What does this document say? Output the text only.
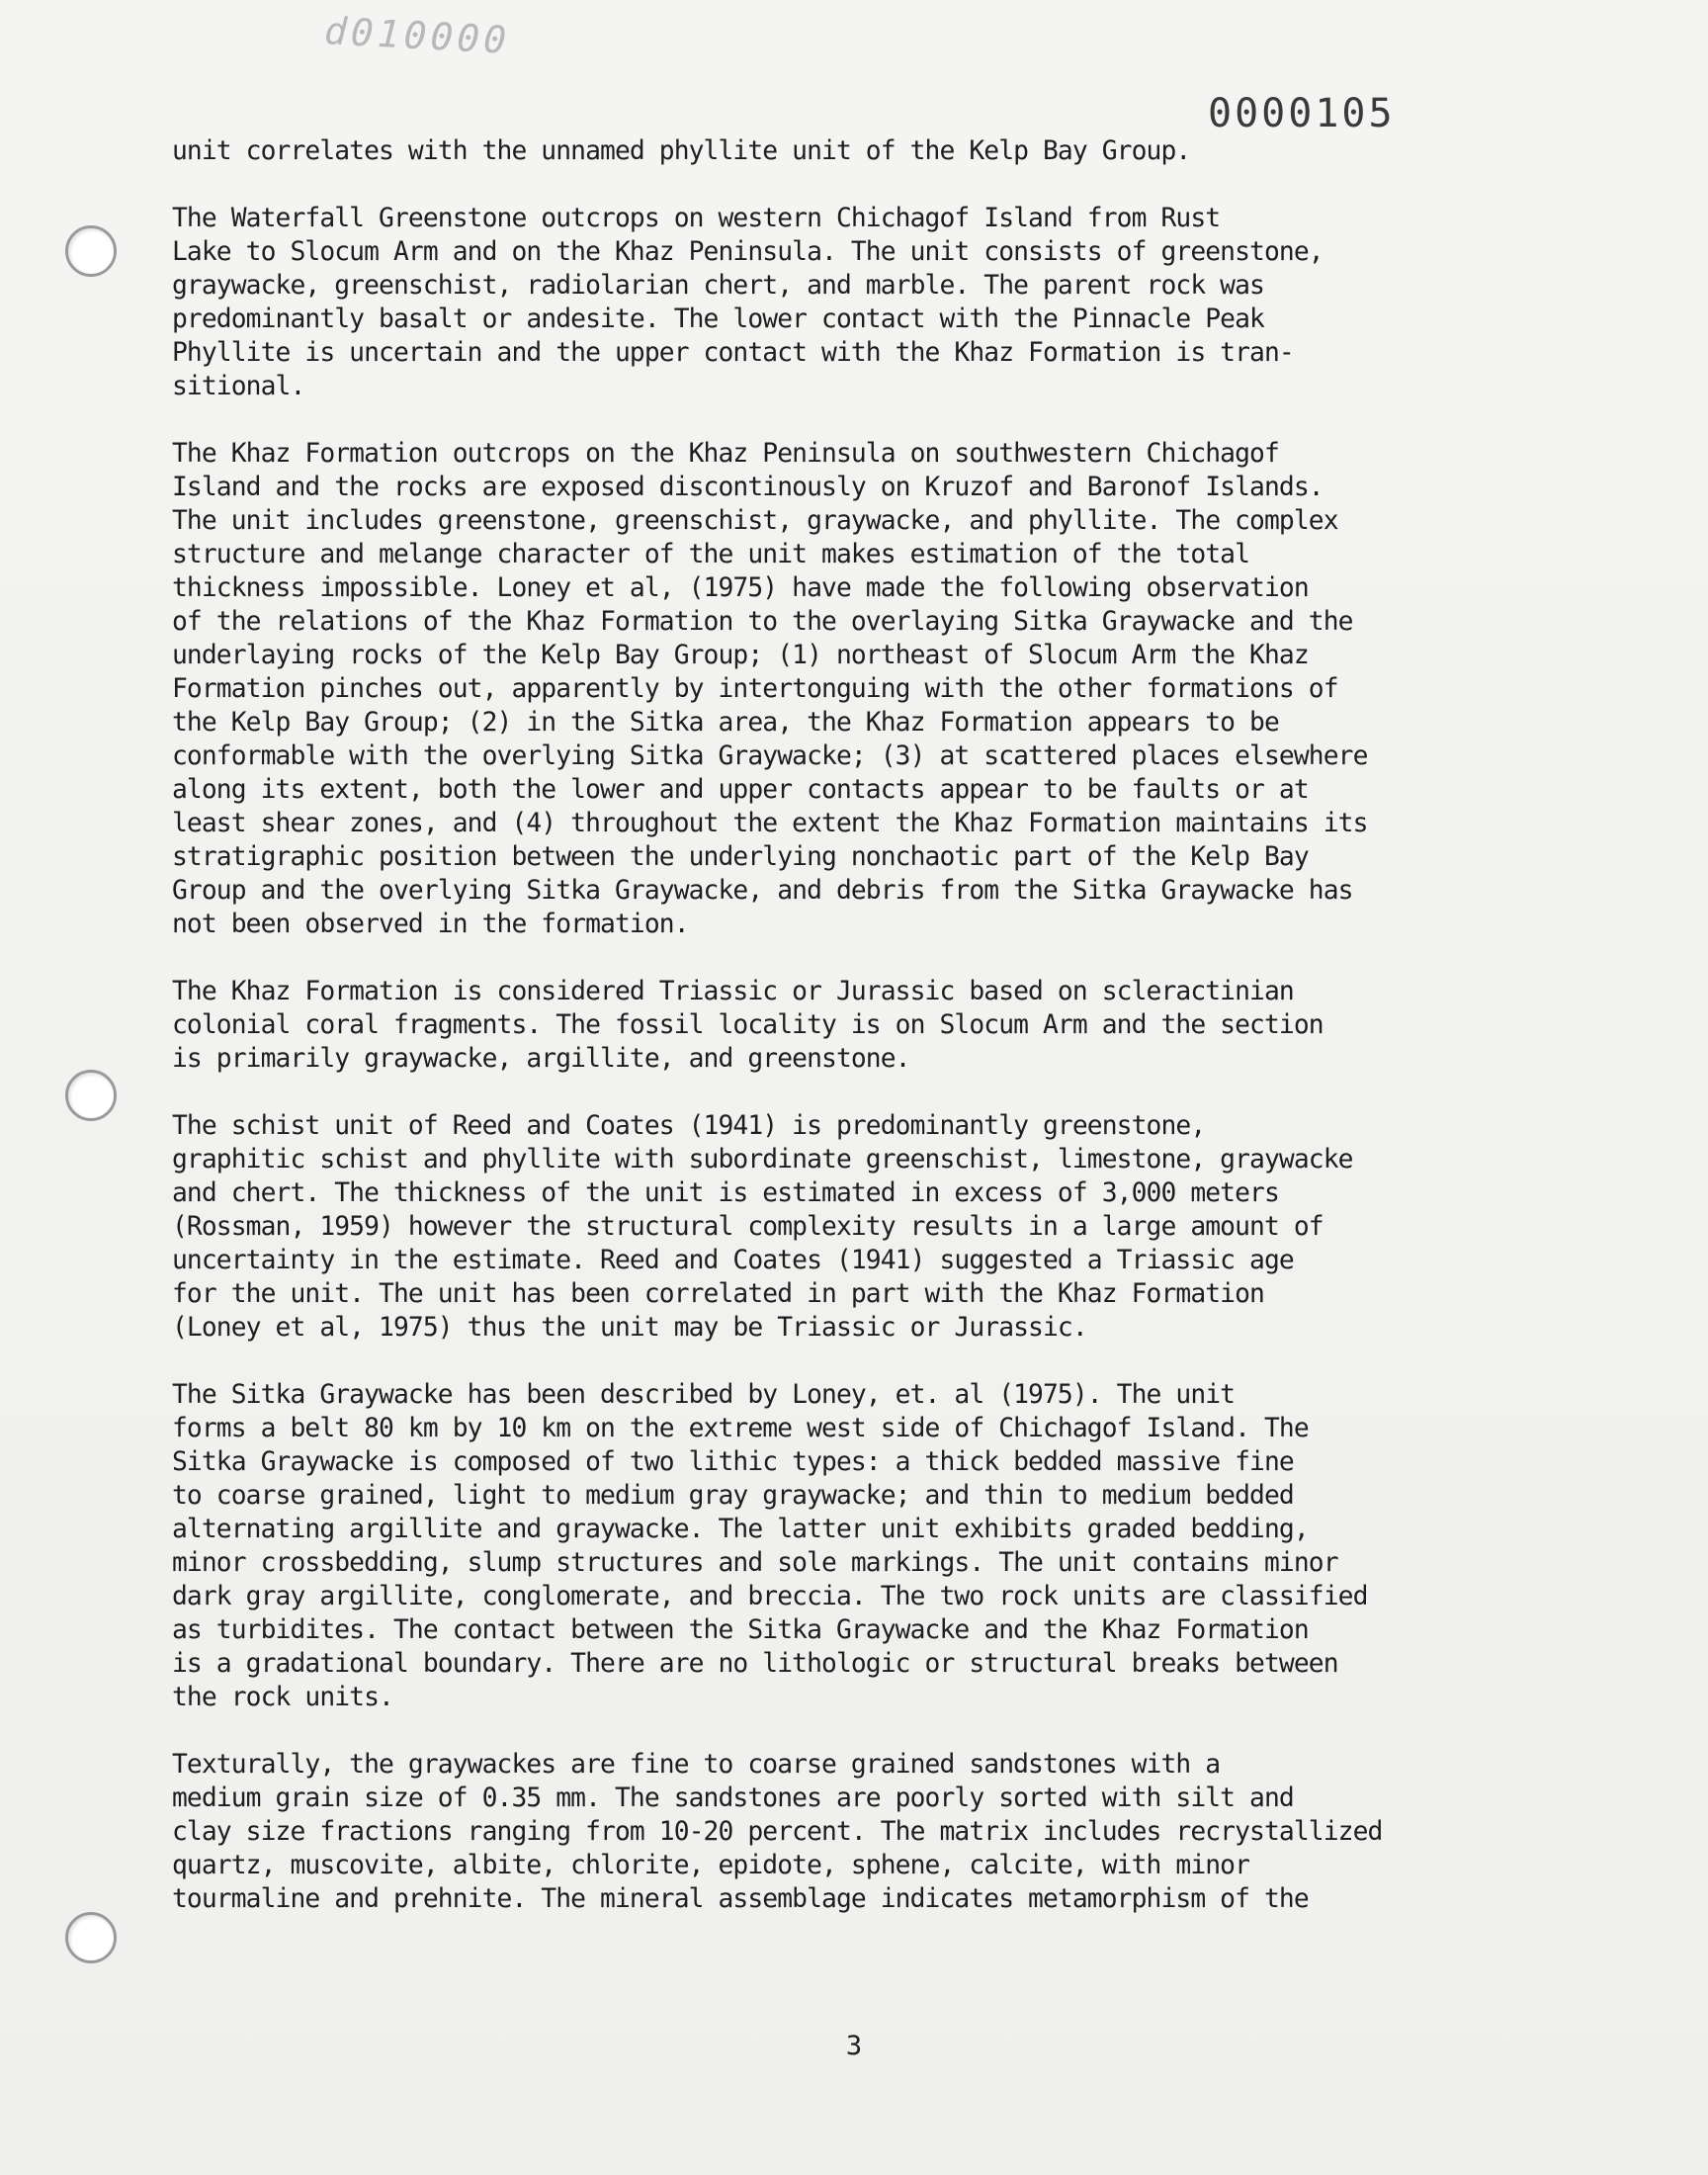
d010000

0000105

unit correlates with the unnamed phyllite unit of the Kelp Bay Group.

The Waterfall Greenstone outcrops on western Chichagof Island from Rust
Lake to Slocum Arm and on the Khaz Peninsula. The unit consists of greenstone,
graywacke, greenschist, radiolarian chert, and marble. The parent rock was
predominantly basalt or andesite. The lower contact with the Pinnacle Peak
Phyllite is uncertain and the upper contact with the Khaz Formation is tran-
sitional.

The Khaz Formation outcrops on the Khaz Peninsula on southwestern Chichagof
Island and the rocks are exposed discontinously on Kruzof and Baronof Islands.
The unit includes greenstone, greenschist, graywacke, and phyllite. The complex
structure and melange character of the unit makes estimation of the total
thickness impossible. Loney et al, (1975) have made the following observation
of the relations of the Khaz Formation to the overlaying Sitka Graywacke and the
underlaying rocks of the Kelp Bay Group; (1) northeast of Slocum Arm the Khaz
Formation pinches out, apparently by intertonguing with the other formations of
the Kelp Bay Group; (2) in the Sitka area, the Khaz Formation appears to be
conformable with the overlying Sitka Graywacke; (3) at scattered places elsewhere
along its extent, both the lower and upper contacts appear to be faults or at
least shear zones, and (4) throughout the extent the Khaz Formation maintains its
stratigraphic position between the underlying nonchaotic part of the Kelp Bay
Group and the overlying Sitka Graywacke, and debris from the Sitka Graywacke has
not been observed in the formation.

The Khaz Formation is considered Triassic or Jurassic based on scleractinian
colonial coral fragments. The fossil locality is on Slocum Arm and the section
is primarily graywacke, argillite, and greenstone.

The schist unit of Reed and Coates (1941) is predominantly greenstone,
graphitic schist and phyllite with subordinate greenschist, limestone, graywacke
and chert. The thickness of the unit is estimated in excess of 3,000 meters
(Rossman, 1959) however the structural complexity results in a large amount of
uncertainty in the estimate. Reed and Coates (1941) suggested a Triassic age
for the unit. The unit has been correlated in part with the Khaz Formation
(Loney et al, 1975) thus the unit may be Triassic or Jurassic.

The Sitka Graywacke has been described by Loney, et. al (1975). The unit
forms a belt 80 km by 10 km on the extreme west side of Chichagof Island. The
Sitka Graywacke is composed of two lithic types: a thick bedded massive fine
to coarse grained, light to medium gray graywacke; and thin to medium bedded
alternating argillite and graywacke. The latter unit exhibits graded bedding,
minor crossbedding, slump structures and sole markings. The unit contains minor
dark gray argillite, conglomerate, and breccia. The two rock units are classified
as turbidites. The contact between the Sitka Graywacke and the Khaz Formation
is a gradational boundary. There are no lithologic or structural breaks between
the rock units.

Texturally, the graywackes are fine to coarse grained sandstones with a
medium grain size of 0.35 mm. The sandstones are poorly sorted with silt and
clay size fractions ranging from 10-20 percent. The matrix includes recrystallized
quartz, muscovite, albite, chlorite, epidote, sphene, calcite, with minor
tourmaline and prehnite. The mineral assemblage indicates metamorphism of the

3
